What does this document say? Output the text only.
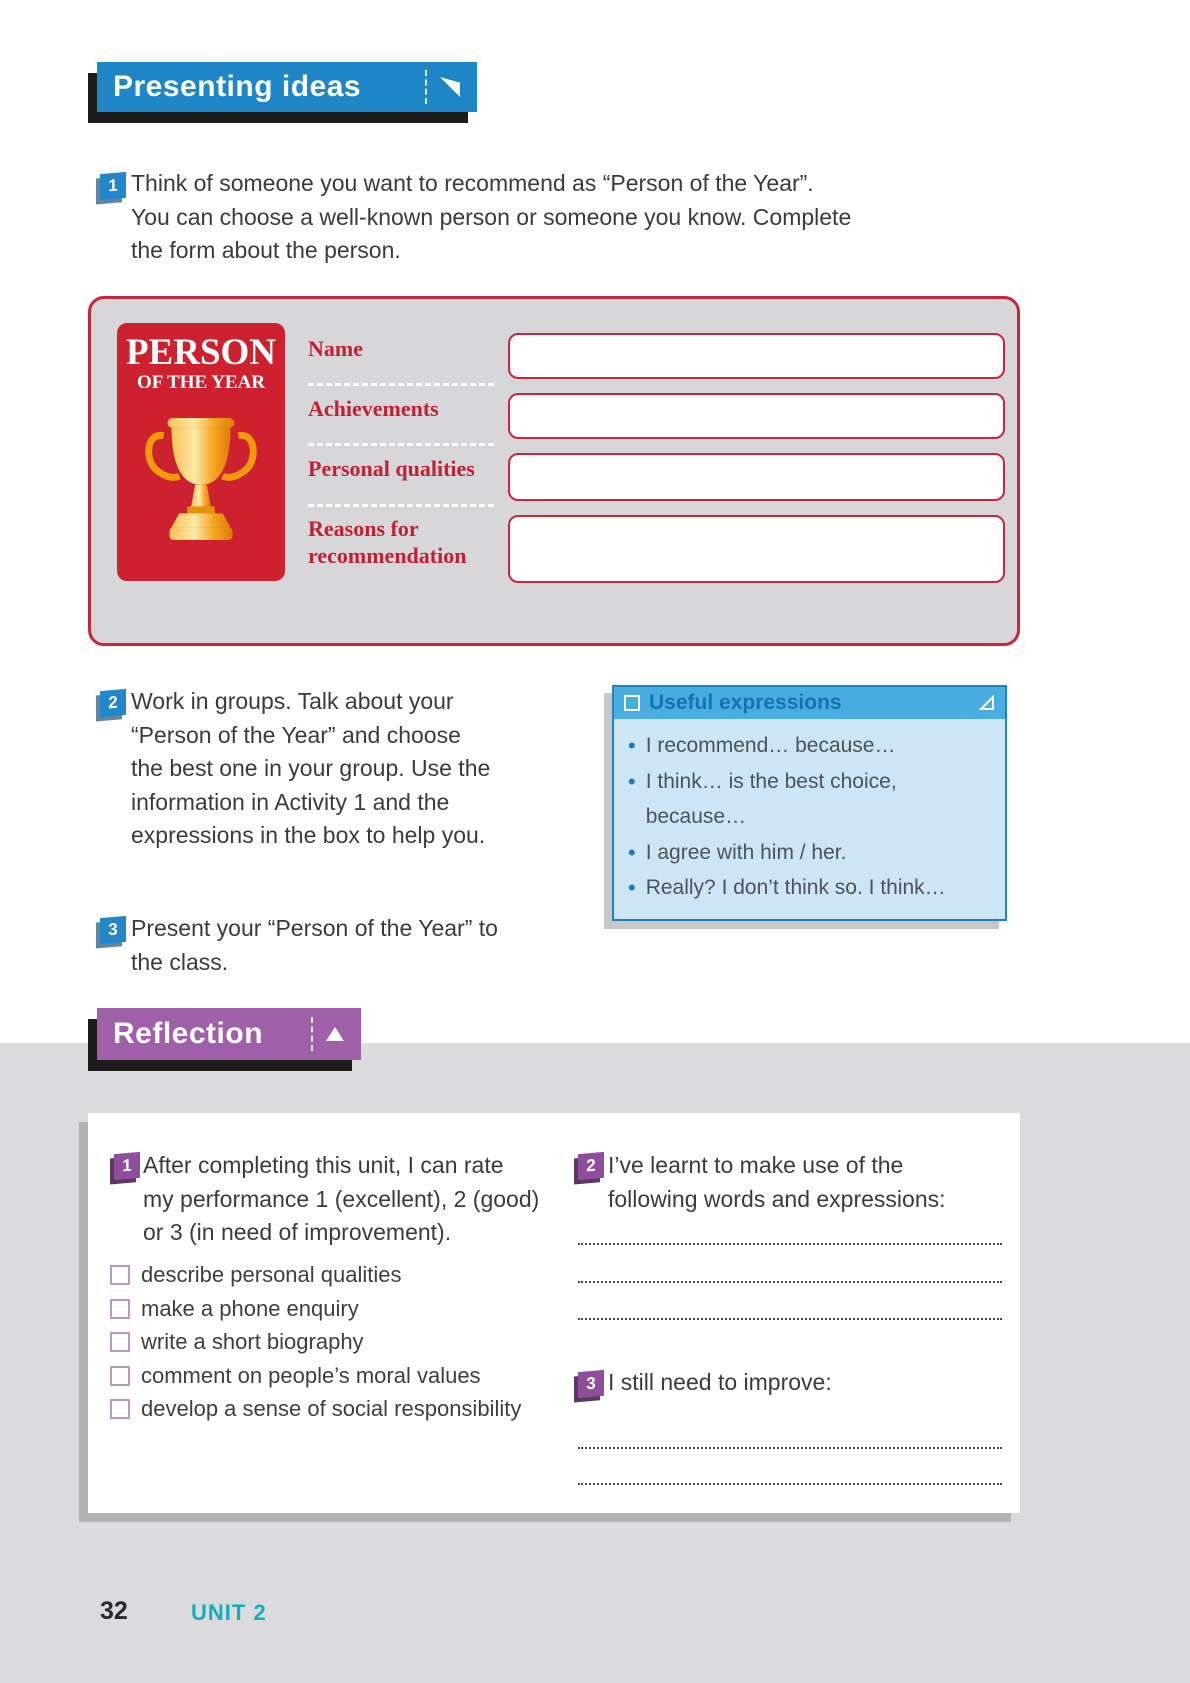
Presenting ideas
1 Think of someone you want to recommend as “Person of the Year”.
You can choose a well-known person or someone you know. Complete
the form about the person.
PERSON
OF THE YEAR
Name
Achievements
Personal qualities
Reasons for
recommendation
2 Work in groups. Talk about your
“Person of the Year” and choose
the best one in your group. Use the
information in Activity 1 and the
expressions in the box to help you.
Useful expressions
• I recommend… because…
• I think… is the best choice, because…
• I agree with him / her.
• Really? I don’t think so. I think…
3 Present your “Person of the Year” to
the class.
Reflection
1 After completing this unit, I can rate
my performance 1 (excellent), 2 (good)
or 3 (in need of improvement).
describe personal qualities
make a phone enquiry
write a short biography
comment on people’s moral values
develop a sense of social responsibility
2 I’ve learnt to make use of the
following words and expressions:
3 I still need to improve:
32	UNIT 2
